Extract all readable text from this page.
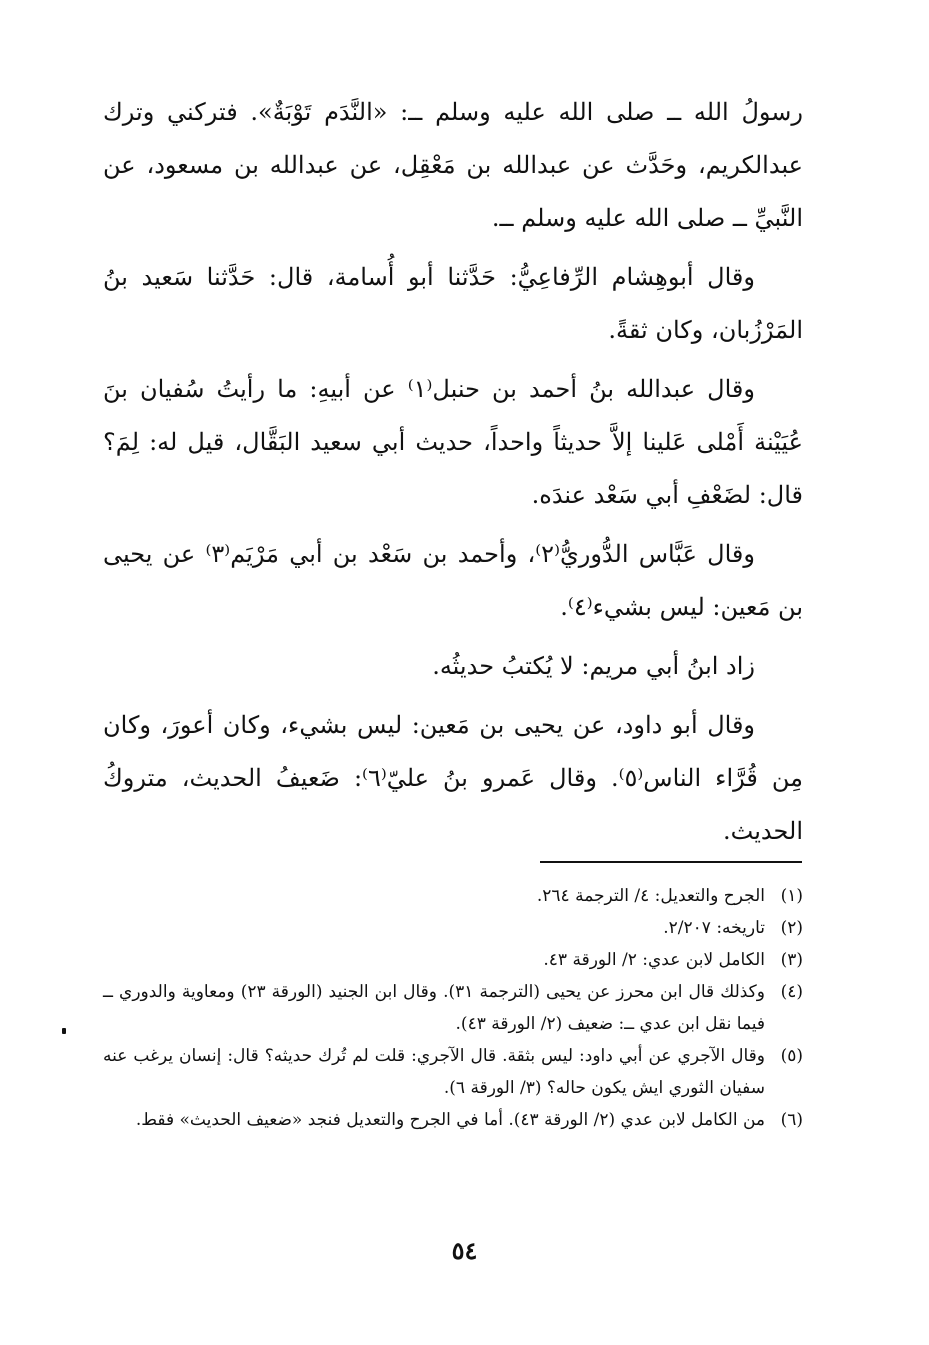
رسولُ الله ــ صلى الله عليه وسلم ــ: «النَّدَم تَوْبَةٌ». فتركني وترك عبدالكريم، وحَدَّث عن عبدالله بن مَعْقِل، عن عبدالله بن مسعود، عن النَّبيِّ ــ صلى الله عليه وسلم ــ.

وقال أبوهِشام الرِّفاعِيُّ: حَدَّثنا أبو أُسامة، قال: حَدَّثنا سَعيد بنُ المَرْزُبان، وكان ثقةً.

وقال عبدالله بنُ أحمد بن حنبل⁽١⁾ عن أبيهِ: ما رأيتُ سُفيان بنَ عُيَيْنة أَمْلى عَلينا إلاَّ حديثاً واحداً، حديث أبي سعيد البَقَّال، قيل له: لِمَ؟ قال: لضَعْفِ أبي سَعْد عندَه.

وقال عَبَّاس الدُّوريُّ⁽٢⁾، وأحمد بن سَعْد بن أبي مَرْيَم⁽٣⁾ عن يحيى بن مَعين: ليس بشيء⁽٤⁾.

زاد ابنُ أبي مريم: لا يُكتبُ حديثُه.

وقال أبو داود، عن يحيى بن مَعين: ليس بشيء، وكان أعورَ، وكان مِن قُرَّاء الناس⁽٥⁾. وقال عَمرو بنُ عليّ⁽٦⁾: ضَعيفُ الحديث، متروكُ الحديث.

(١)
الجرح والتعديل: ٤/ الترجمة ٢٦٤.
(٢)
تاريخه: ٢/٢٠٧.
(٣)
الكامل لابن عدي: ٢/ الورقة ٤٣.
(٤)
وكذلك قال ابن محرز عن يحيى (الترجمة ٣١). وقال ابن الجنيد (الورقة ٢٣) ومعاوية والدوري ــ فيما نقل ابن عدي ــ: ضعيف (٢/ الورقة ٤٣).
(٥)
وقال الآجري عن أبي داود: ليس بثقة. قال الآجري: قلت لم تُرك حديثه؟ قال: إنسان يرغب عنه سفيان الثوري ايش يكون حاله؟ (٣/ الورقة ٦).
(٦)
من الكامل لابن عدي (٢/ الورقة ٤٣). أما في الجرح والتعديل فنجد «ضعيف الحديث» فقط.
٥٤
